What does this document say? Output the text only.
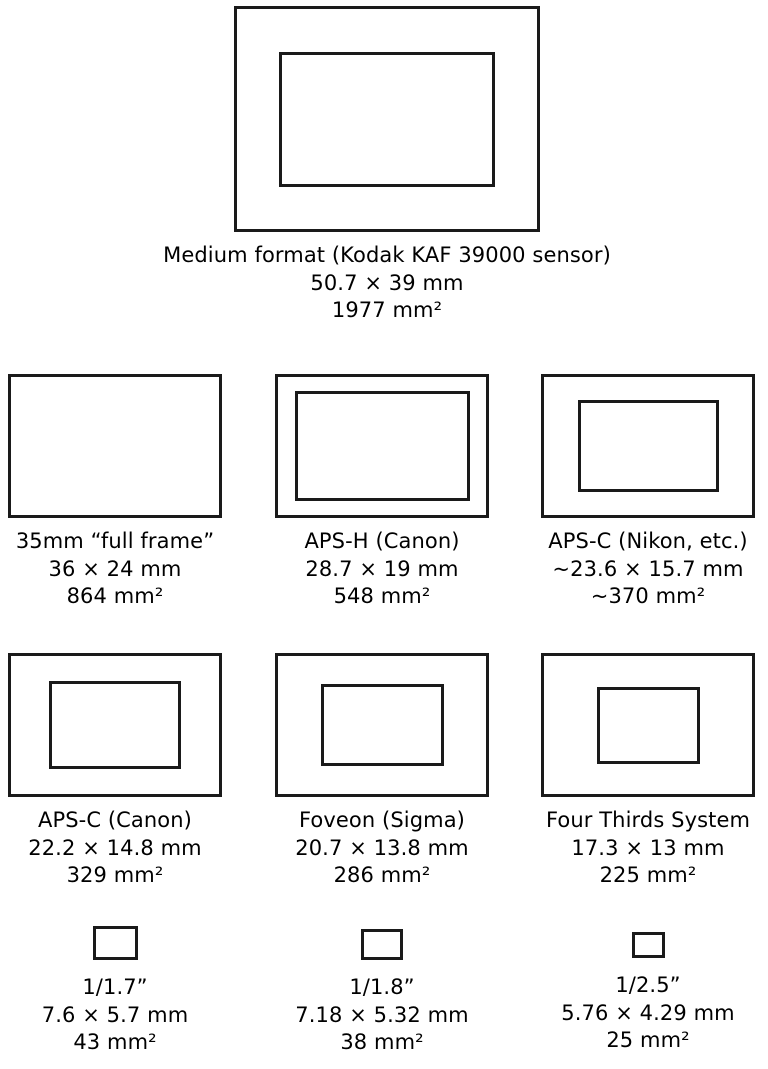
Medium format (Kodak KAF 39000 sensor)
50.7 × 39 mm
1977 mm²
35mm “full frame”
36 × 24 mm
864 mm²
APS-H (Canon)
28.7 × 19 mm
548 mm²
APS-C (Nikon, etc.)
~23.6 × 15.7 mm
~370 mm²
APS-C (Canon)
22.2 × 14.8 mm
329 mm²
Foveon (Sigma)
20.7 × 13.8 mm
286 mm²
Four Thirds System
17.3 × 13 mm
225 mm²
1/1.7”
7.6 × 5.7 mm
43 mm²
1/1.8”
7.18 × 5.32 mm
38 mm²
1/2.5”
5.76 × 4.29 mm
25 mm²
